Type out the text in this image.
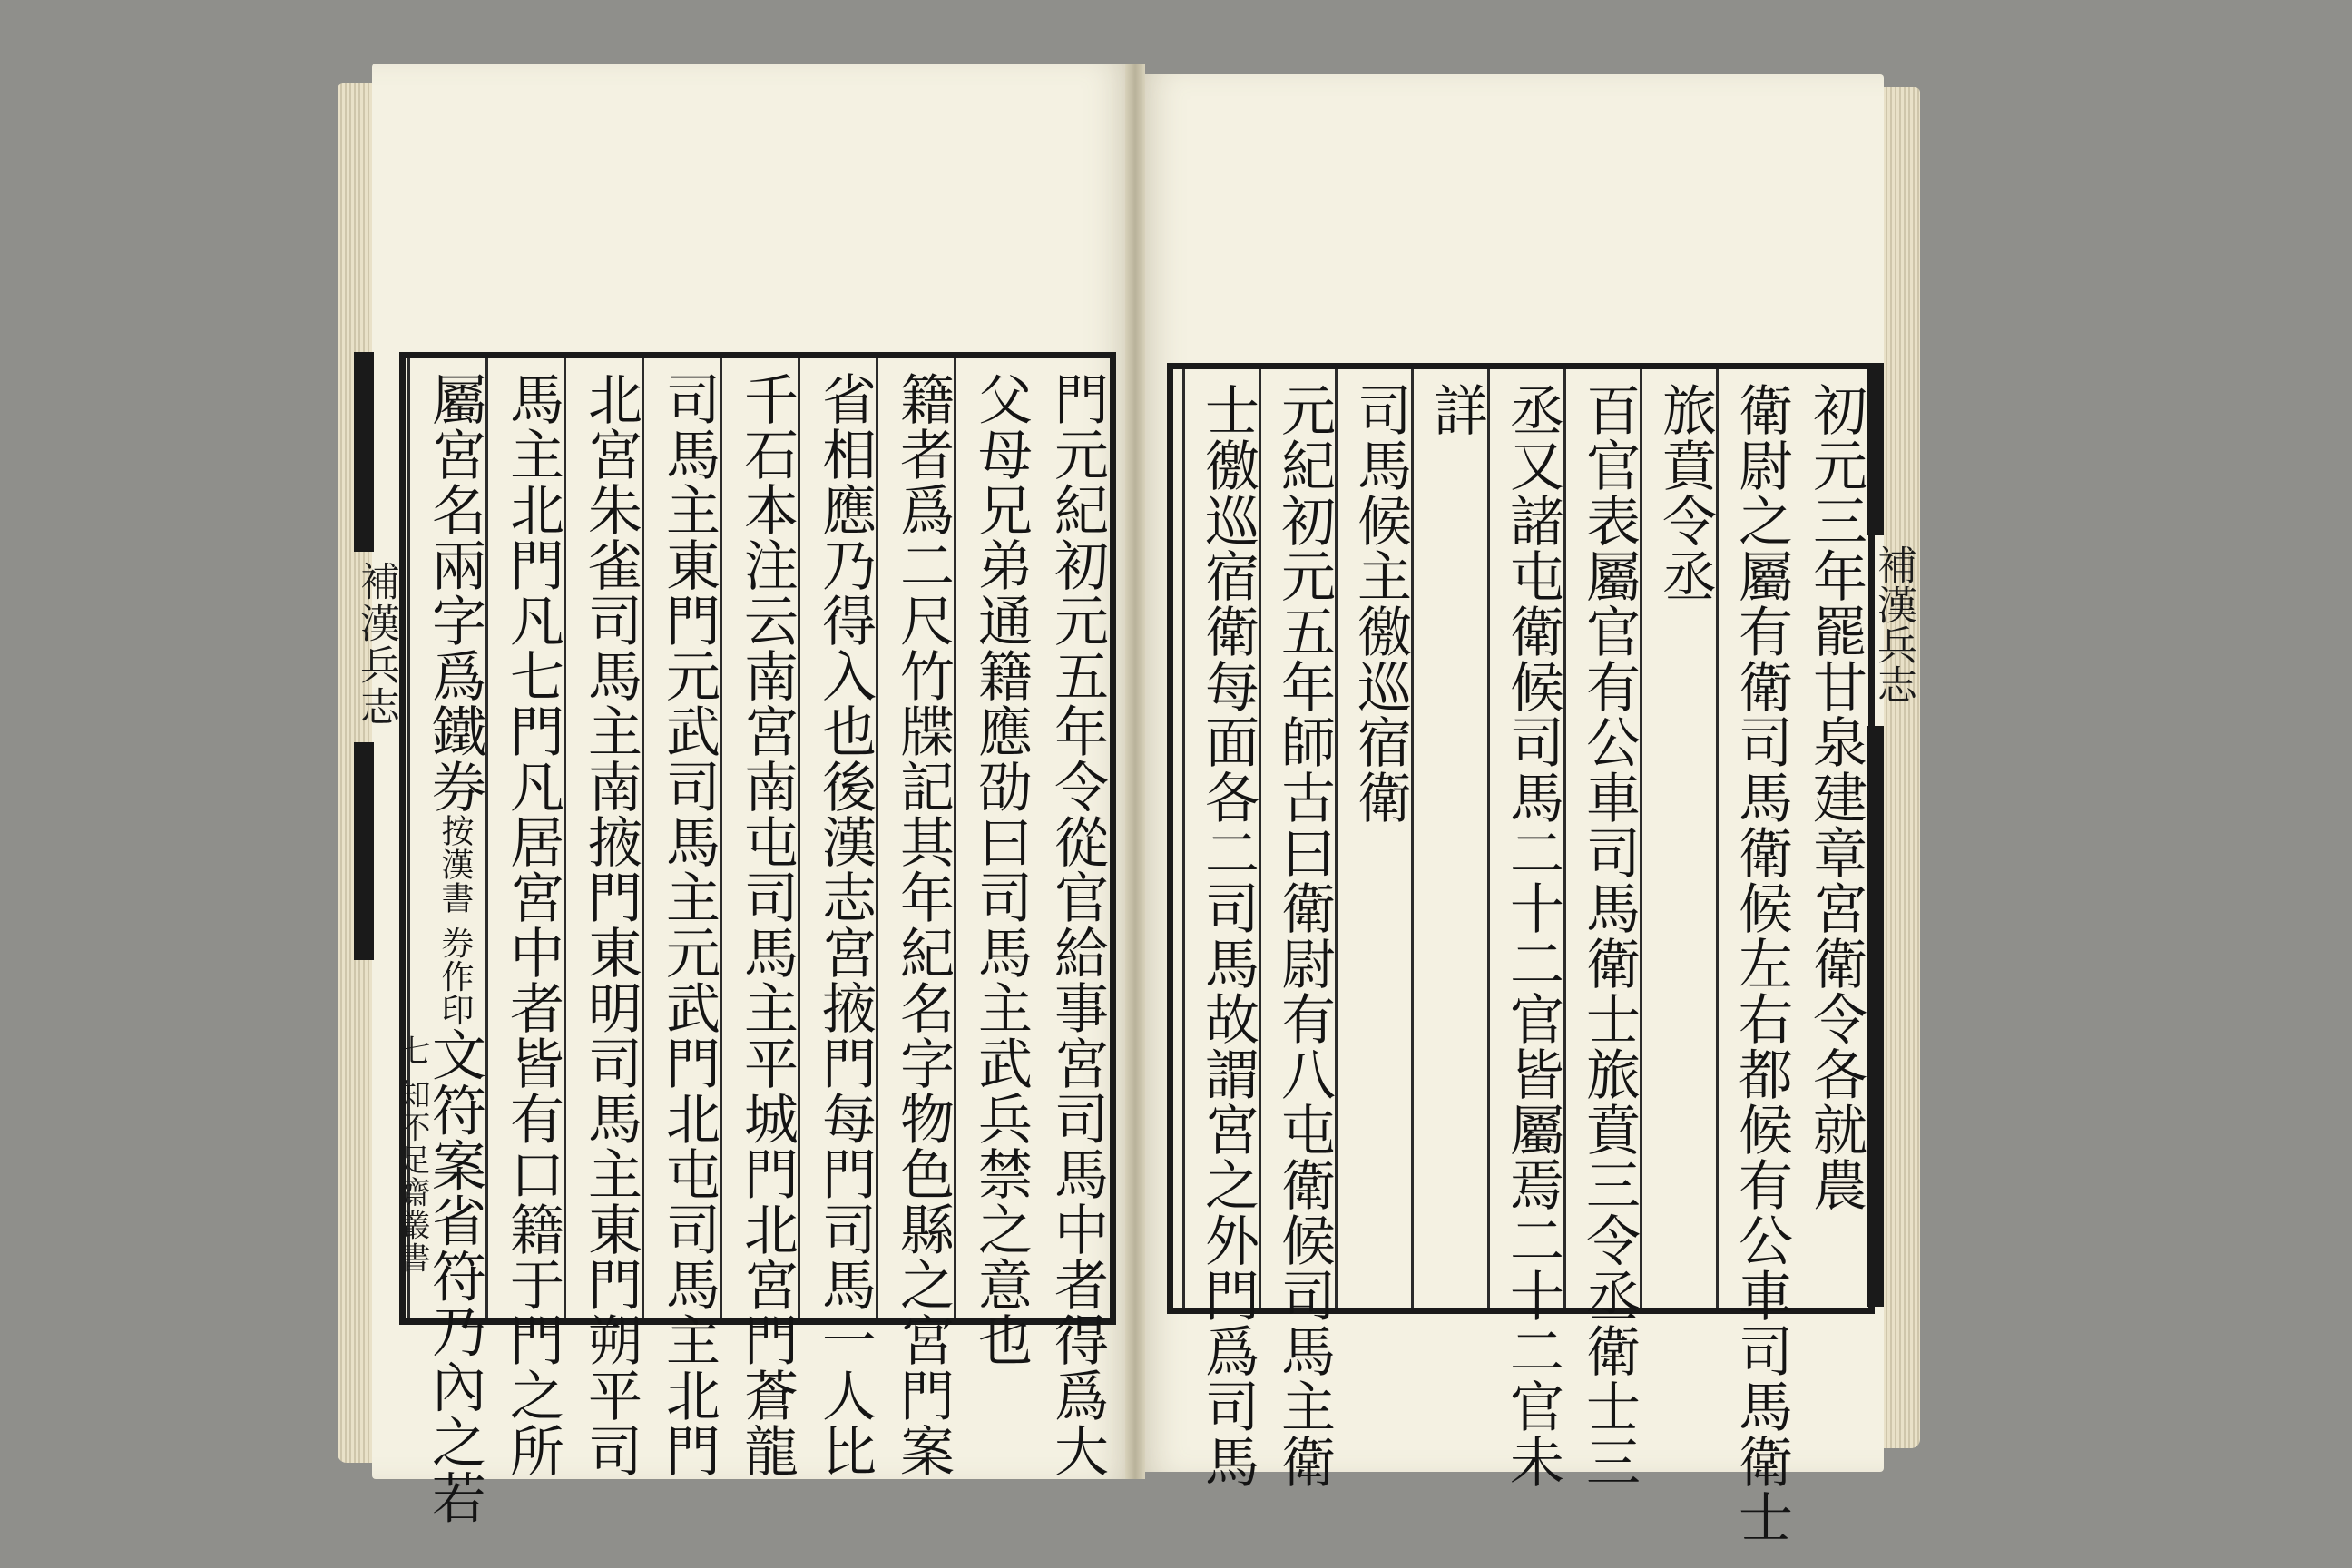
門元紀初元五年令從官給事宮司馬中者得爲大
父母兄弟通籍應劭曰司馬主武兵禁之意也
籍者爲二尺竹牒記其年紀名字物色縣之宮門案
省相應乃得入也後漢志宮掖門每門司馬一人比
千石本注云南宮南屯司馬主平城門北宮門蒼龍
司馬主東門元武司馬主元武門北屯司馬主北門
北宮朱雀司馬主南掖門東明司馬主東門朔平司
馬主北門凡七門凡居宮中者皆有口籍于門之所
屬宮名兩字爲鐵券按漢書 券作印文符案省符乃內之若
補漢兵志
七 知不足齋叢書	初元三年罷甘泉建章宮衛令各就農
衛尉之屬有衛司馬衛候左右都候有公車司馬衛士
旅賁令丞
百官表屬官有公車司馬衛士旅賁三令丞衛士三
丞又諸屯衛候司馬二十二官皆屬焉二十二官未
詳
司馬候主徼巡宿衛
元紀初元五年師古曰衛尉有八屯衛候司馬主衛
士徼巡宿衛每面各二司馬故謂宮之外門爲司馬	補漢兵志
